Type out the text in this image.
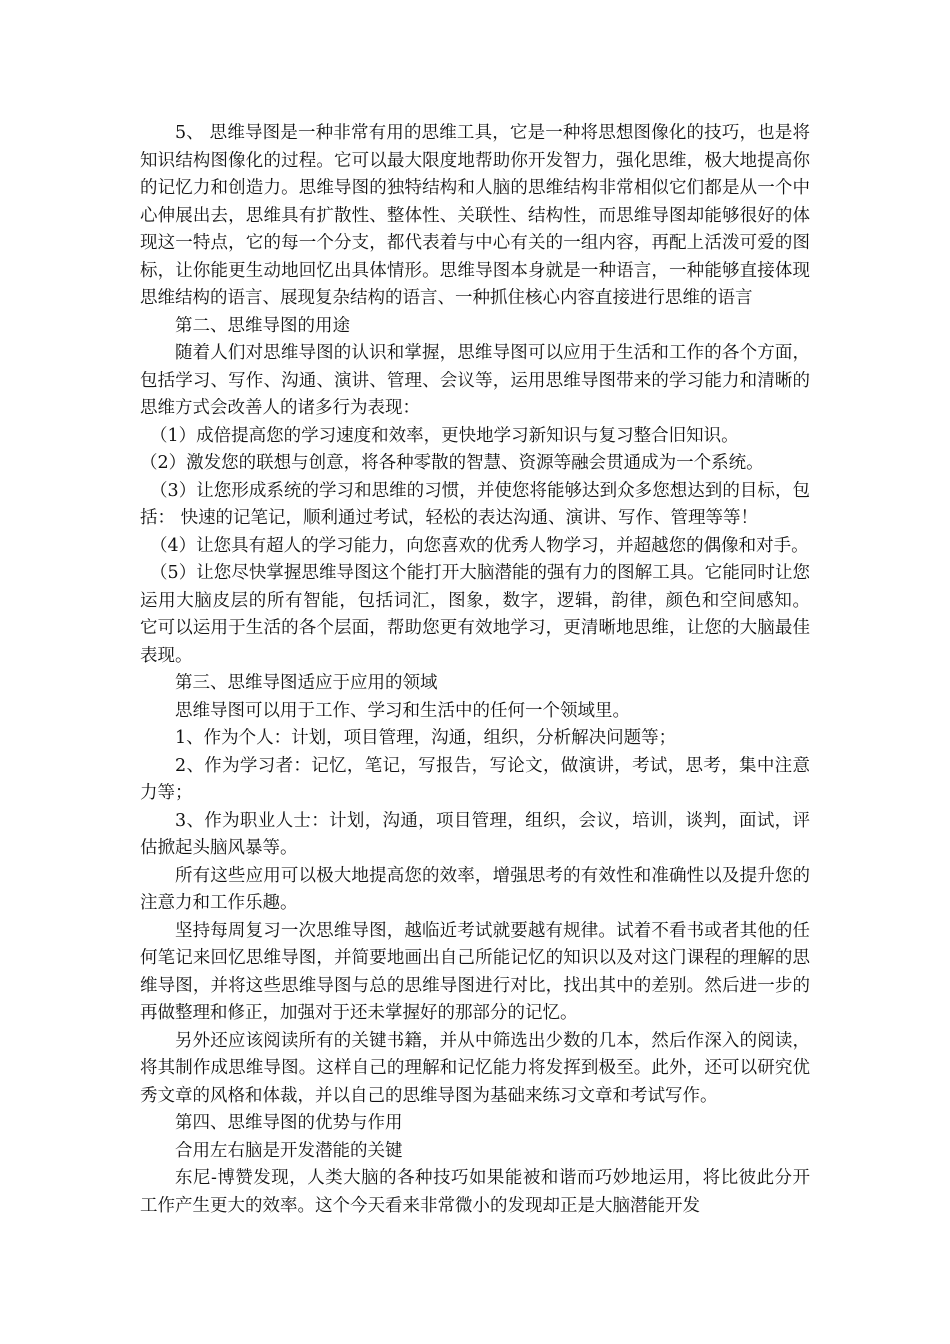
5、 思维导图是一种非常有用的思维工具，它是一种将思想图像化的技巧，也是将知识结构图像化的过程。它可以最大限度地帮助你开发智力，强化思维，极大地提高你的记忆力和创造力。思维导图的独特结构和人脑的思维结构非常相似它们都是从一个中心伸展出去，思维具有扩散性、整体性、关联性、结构性，而思维导图却能够很好的体现这一特点，它的每一个分支，都代表着与中心有关的一组内容，再配上活泼可爱的图标，让你能更生动地回忆出具体情形。思维导图本身就是一种语言，一种能够直接体现思维结构的语言、展现复杂结构的语言、一种抓住核心内容直接进行思维的语言

第二、思维导图的用途

随着人们对思维导图的认识和掌握，思维导图可以应用于生活和工作的各个方面，包括学习、写作、沟通、演讲、管理、会议等，运用思维导图带来的学习能力和清晰的思维方式会改善人的诸多行为表现：

（1）成倍提高您的学习速度和效率，更快地学习新知识与复习整合旧知识。

（2）激发您的联想与创意，将各种零散的智慧、资源等融会贯通成为一个系统。

（3）让您形成系统的学习和思维的习惯，并使您将能够达到众多您想达到的目标，包括： 快速的记笔记，顺利通过考试，轻松的表达沟通、演讲、写作、管理等等！

（4）让您具有超人的学习能力，向您喜欢的优秀人物学习，并超越您的偶像和对手。

（5）让您尽快掌握思维导图这个能打开大脑潜能的强有力的图解工具。它能同时让您运用大脑皮层的所有智能，包括词汇，图象，数字，逻辑，韵律，颜色和空间感知。 它可以运用于生活的各个层面，帮助您更有效地学习，更清晰地思维，让您的大脑最佳表现。

第三、思维导图适应于应用的领域

思维导图可以用于工作、学习和生活中的任何一个领域里。

1、作为个人：计划，项目管理，沟通，组织，分析解决问题等；

2、作为学习者：记忆，笔记，写报告，写论文，做演讲，考试，思考，集中注意力等；

3、作为职业人士：计划，沟通，项目管理，组织，会议，培训，谈判，面试，评估掀起头脑风暴等。

所有这些应用可以极大地提高您的效率，增强思考的有效性和准确性以及提升您的注意力和工作乐趣。

坚持每周复习一次思维导图，越临近考试就要越有规律。试着不看书或者其他的任何笔记来回忆思维导图，并简要地画出自己所能记忆的知识以及对这门课程的理解的思维导图，并将这些思维导图与总的思维导图进行对比，找出其中的差别。然后进一步的再做整理和修正，加强对于还未掌握好的那部分的记忆。

另外还应该阅读所有的关键书籍，并从中筛选出少数的几本，然后作深入的阅读，将其制作成思维导图。这样自己的理解和记忆能力将发挥到极至。此外，还可以研究优秀文章的风格和体裁，并以自己的思维导图为基础来练习文章和考试写作。

第四、思维导图的优势与作用

合用左右脑是开发潜能的关键

东尼-博赞发现，人类大脑的各种技巧如果能被和谐而巧妙地运用，将比彼此分开工作产生更大的效率。这个今天看来非常微小的发现却正是大脑潜能开发
